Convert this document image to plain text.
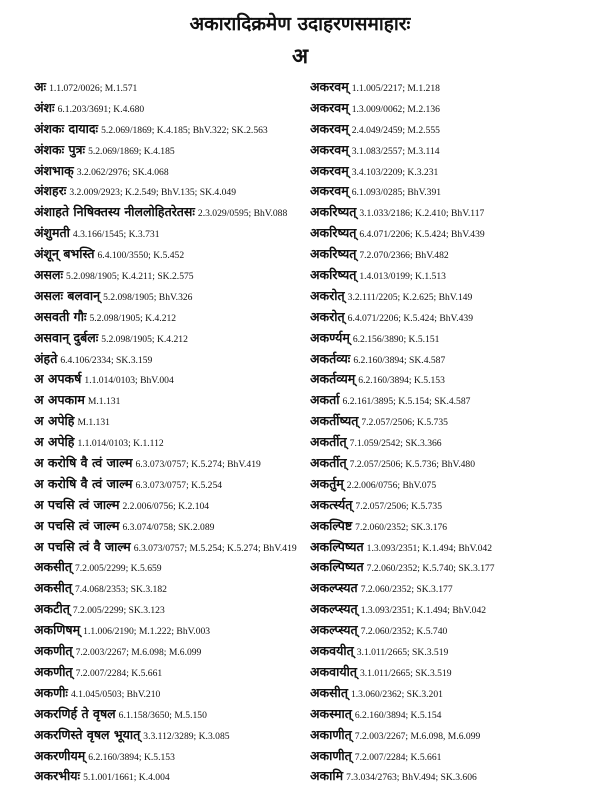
अकारादिक्रमेण उदाहरणसमाहारः
अ
अः 1.1.072/0026; M.1.571
अंशः 6.1.203/3691; K.4.680
अंशकः दायादः 5.2.069/1869; K.4.185; BhV.322; SK.2.563
अंशकः पुत्रः 5.2.069/1869; K.4.185
अंशभाक् 3.2.062/2976; SK.4.068
अंशहरः 3.2.009/2923; K.2.549; BhV.135; SK.4.049
अंशाहते निषिक्तस्य नीललोहितरेतसः 2.3.029/0595; BhV.088
अंशुमती 4.3.166/1545; K.3.731
अंशून् बभस्ति 6.4.100/3550; K.5.452
असलः 5.2.098/1905; K.4.211; SK.2.575
असलः बलवान् 5.2.098/1905; BhV.326
असवती गौः 5.2.098/1905; K.4.212
असवान् दुर्बलः 5.2.098/1905; K.4.212
अंहते 6.4.106/2334; SK.3.159
अ अपकर्ष 1.1.014/0103; BhV.004
अ अपकाम M.1.131
अ अपेहि M.1.131
अ अपेहि 1.1.014/0103; K.1.112
अ करोषि वै त्वं जाल्म 6.3.073/0757; K.5.274; BhV.419
अ करोषि वै त्वं जाल्म 6.3.073/0757; K.5.254
अ पचसि त्वं जाल्म 2.2.006/0756; K.2.104
अ पचसि त्वं जाल्म 6.3.074/0758; SK.2.089
अ पचसि त्वं वै जाल्म 6.3.073/0757; M.5.254; K.5.274; BhV.419
अकसीत् 7.2.005/2299; K.5.659
अकसीत् 7.4.068/2353; SK.3.182
अकटीत् 7.2.005/2299; SK.3.123
अकणिषम् 1.1.006/2190; M.1.222; BhV.003
अकणीत् 7.2.003/2267; M.6.098; M.6.099
अकणीत् 7.2.007/2284; K.5.661
अकणीः 4.1.045/0503; BhV.210
अकरणिर्ह ते वृषल 6.1.158/3650; M.5.150
अकरणिस्ते वृषल भूयात् 3.3.112/3289; K.3.085
अकरणीयम् 6.2.160/3894; K.5.153
अकरभीयः 5.1.001/1661; K.4.004
अकरवम् 1.1.005/2217; M.1.218
अकरवम् 1.3.009/0062; M.2.136
अकरवम् 2.4.049/2459; M.2.555
अकरवम् 3.1.083/2557; M.3.114
अकरवम् 3.4.103/2209; K.3.231
अकरवम् 6.1.093/0285; BhV.391
अकरिष्यत् 3.1.033/2186; K.2.410; BhV.117
अकरिष्यत् 6.4.071/2206; K.5.424; BhV.439
अकरिष्यत् 7.2.070/2366; BhV.482
अकरिष्यत् 1.4.013/0199; K.1.513
अकरोत् 3.2.111/2205; K.2.625; BhV.149
अकरोत् 6.4.071/2206; K.5.424; BhV.439
अकर्ण्यम् 6.2.156/3890; K.5.151
अकर्तव्यः 6.2.160/3894; SK.4.587
अकर्तव्यम् 6.2.160/3894; K.5.153
अकर्ता 6.2.161/3895; K.5.154; SK.4.587
अकर्तीष्यत् 7.2.057/2506; K.5.735
अकर्तीत् 7.1.059/2542; SK.3.366
अकर्तीत् 7.2.057/2506; K.5.736; BhV.480
अकर्तुम् 2.2.006/0756; BhV.075
अकर्त्स्यत् 7.2.057/2506; K.5.735
अकल्पिष्ट 7.2.060/2352; SK.3.176
अकल्पिष्यत 1.3.093/2351; K.1.494; BhV.042
अकल्पिष्यत 7.2.060/2352; K.5.740; SK.3.177
अकल्प्स्यत 7.2.060/2352; SK.3.177
अकल्प्स्यत् 1.3.093/2351; K.1.494; BhV.042
अकल्प्स्यत् 7.2.060/2352; K.5.740
अकवयीत् 3.1.011/2665; SK.3.519
अकवायीत् 3.1.011/2665; SK.3.519
अकसीत् 1.3.060/2362; SK.3.201
अकस्मात् 6.2.160/3894; K.5.154
अकाणीत् 7.2.003/2267; M.6.098, M.6.099
अकाणीत् 7.2.007/2284; K.5.661
अकामि 7.3.034/2763; BhV.494; SK.3.606
